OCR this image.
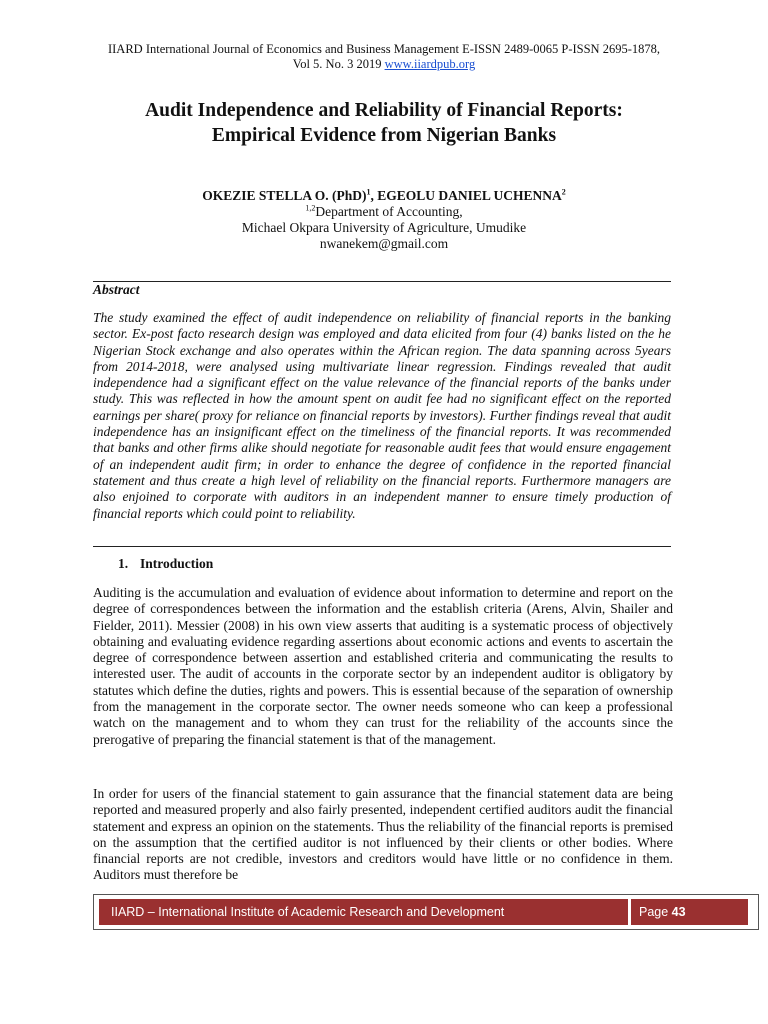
IIARD International Journal of Economics and Business Management E-ISSN 2489-0065 P-ISSN 2695-1878,
Vol 5. No. 3 2019 www.iiardpub.org
Audit Independence and Reliability of Financial Reports:
Empirical Evidence from Nigerian Banks
OKEZIE STELLA O. (PhD)$^1$, EGEOLU DANIEL UCHENNA$^2$
$^{1,2}$Department of Accounting,
Michael Okpara University of Agriculture, Umudike
nwanekem@gmail.com
Abstract
The study examined the effect of audit independence on reliability of financial reports in the banking sector. Ex-post facto research design was employed and data elicited from four (4) banks listed on the he Nigerian Stock exchange and also operates within the African region. The data spanning across 5years from 2014-2018, were analysed using multivariate linear regression. Findings revealed that audit independence had a significant effect on the value relevance of the financial reports of the banks under study. This was reflected in how the amount spent on audit fee had no significant effect on the reported earnings per share( proxy for reliance on financial reports by investors). Further findings reveal that audit independence has an insignificant effect on the timeliness of the financial reports. It was recommended that banks and other firms alike should negotiate for reasonable audit fees that would ensure engagement of an independent audit firm; in order to enhance the degree of confidence in the reported financial statement and thus create a high level of reliability on the financial reports. Furthermore managers are also enjoined to corporate with auditors in an independent manner to ensure timely production of financial reports which could point to reliability.
1. Introduction
Auditing is the accumulation and evaluation of evidence about information to determine and report on the degree of correspondences between the information and the establish criteria (Arens, Alvin, Shailer and Fielder, 2011). Messier (2008) in his own view asserts that auditing is a systematic process of objectively obtaining and evaluating evidence regarding assertions about economic actions and events to ascertain the degree of correspondence between assertion and established criteria and communicating the results to interested user. The audit of accounts in the corporate sector by an independent auditor is obligatory by statutes which define the duties, rights and powers. This is essential because of the separation of ownership from the management in the corporate sector. The owner needs someone who can keep a professional watch on the management and to whom they can trust for the reliability of the accounts since the prerogative of preparing the financial statement is that of the management.
In order for users of the financial statement to gain assurance that the financial statement data are being reported and measured properly and also fairly presented, independent certified auditors audit the financial statement and express an opinion on the statements. Thus the reliability of the financial reports is premised on the assumption that the certified auditor is not influenced by their clients or other bodies. Where financial reports are not credible, investors and creditors would have little or no confidence in them. Auditors must therefore be
IIARD – International Institute of Academic Research and Development	Page 43
